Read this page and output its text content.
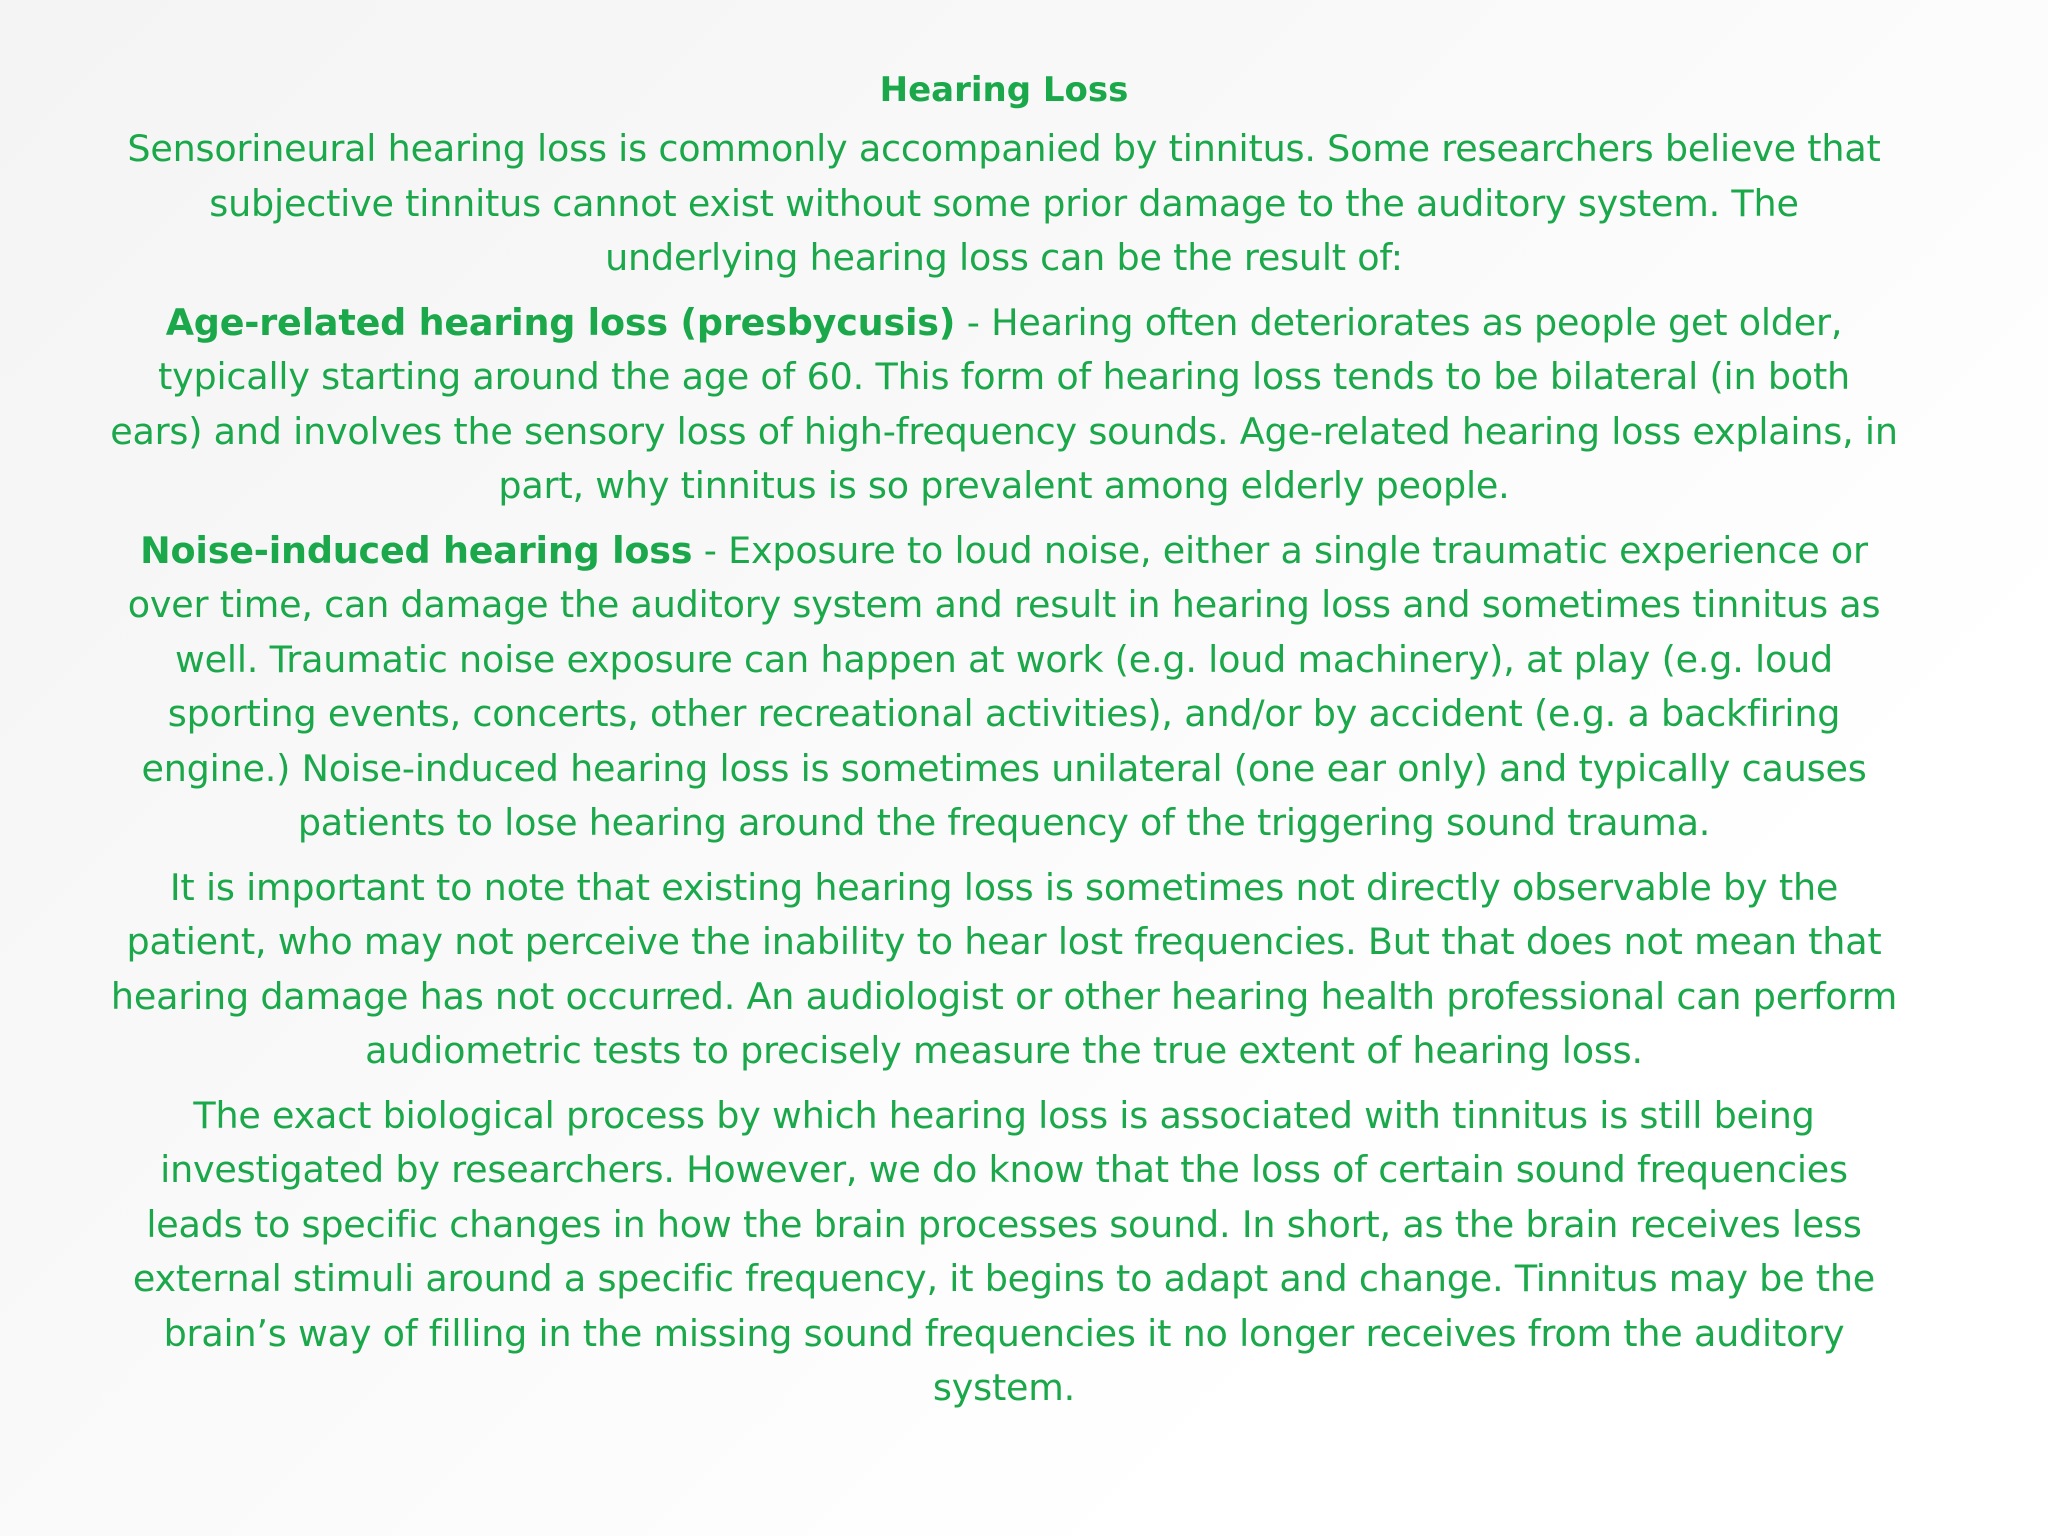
Hearing Loss

Sensorineural hearing loss is commonly accompanied by tinnitus. Some researchers believe that subjective tinnitus cannot exist without some prior damage to the auditory system. The underlying hearing loss can be the result of:

Age-related hearing loss (presbycusis) - Hearing often deteriorates as people get older, typically starting around the age of 60. This form of hearing loss tends to be bilateral (in both ears) and involves the sensory loss of high-frequency sounds. Age-related hearing loss explains, in part, why tinnitus is so prevalent among elderly people.

Noise-induced hearing loss - Exposure to loud noise, either a single traumatic experience or over time, can damage the auditory system and result in hearing loss and sometimes tinnitus as well. Traumatic noise exposure can happen at work (e.g. loud machinery), at play (e.g. loud sporting events, concerts, other recreational activities), and/or by accident (e.g. a backfiring engine.) Noise-induced hearing loss is sometimes unilateral (one ear only) and typically causes patients to lose hearing around the frequency of the triggering sound trauma.

It is important to note that existing hearing loss is sometimes not directly observable by the patient, who may not perceive the inability to hear lost frequencies. But that does not mean that hearing damage has not occurred. An audiologist or other hearing health professional can perform audiometric tests to precisely measure the true extent of hearing loss.

The exact biological process by which hearing loss is associated with tinnitus is still being investigated by researchers. However, we do know that the loss of certain sound frequencies leads to specific changes in how the brain processes sound. In short, as the brain receives less external stimuli around a specific frequency, it begins to adapt and change. Tinnitus may be the brain’s way of filling in the missing sound frequencies it no longer receives from the auditory system.
